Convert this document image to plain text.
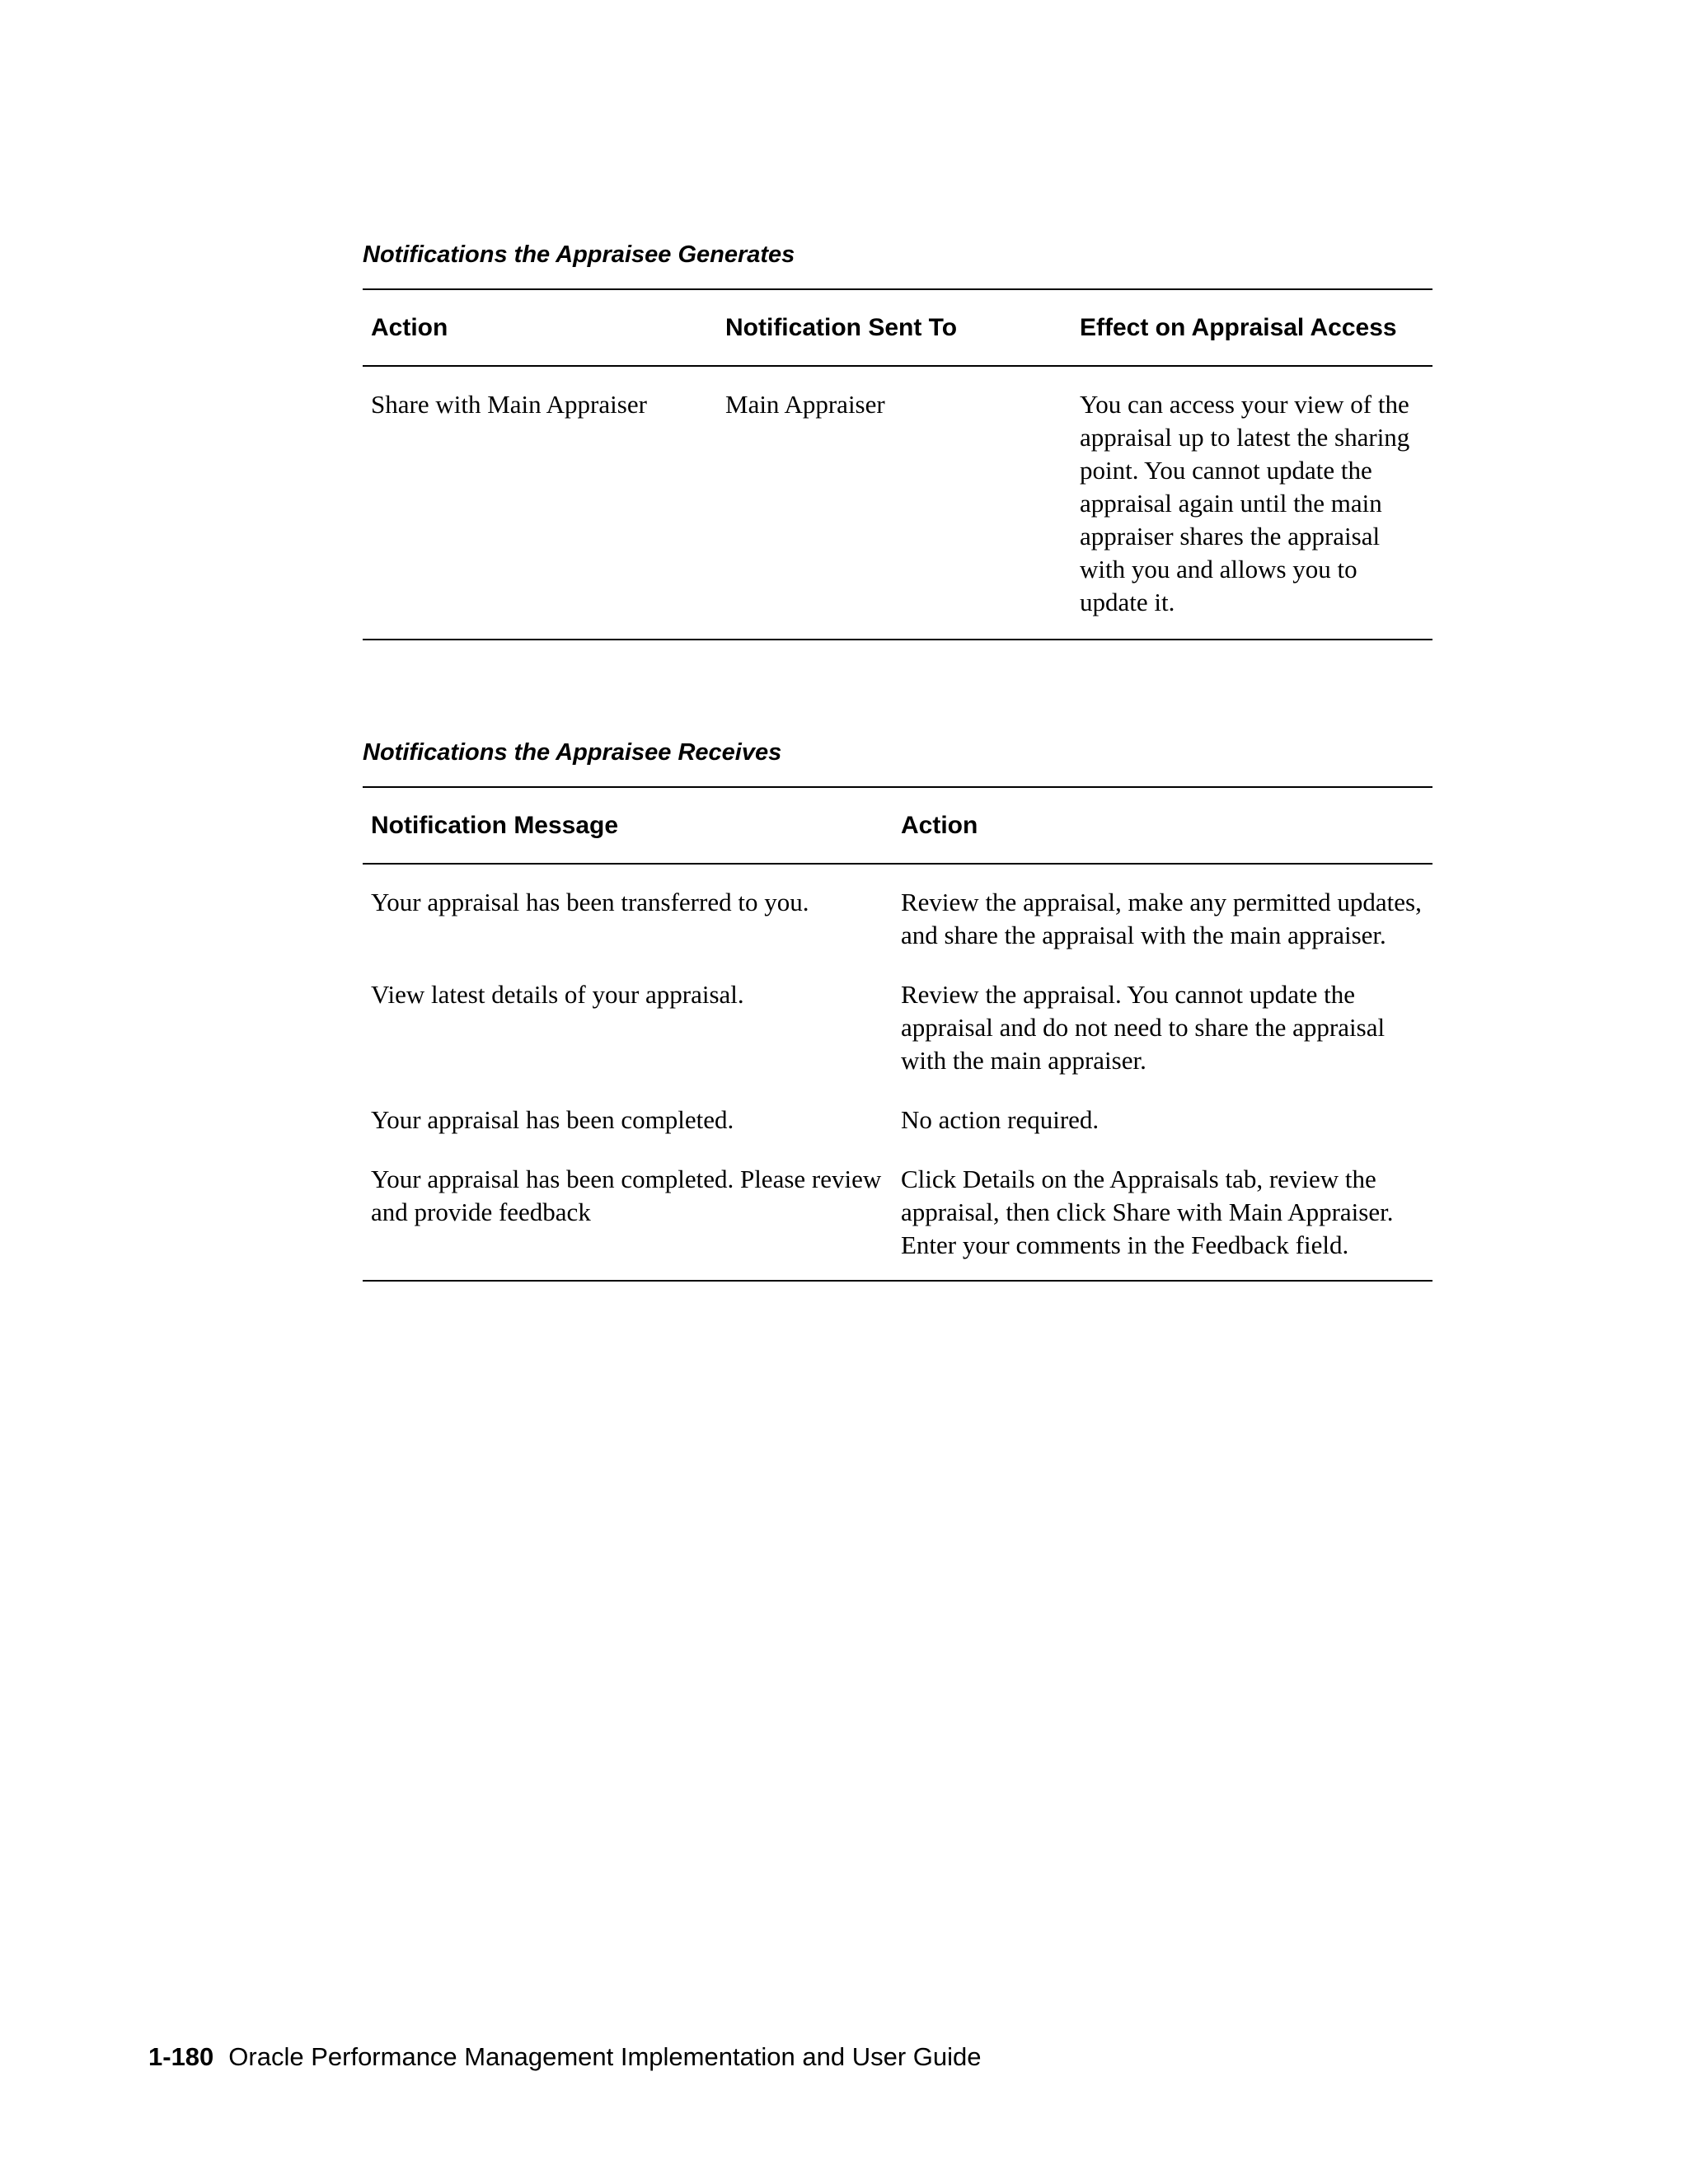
Notifications the Appraisee Generates

Action	Notification Sent To	Effect on Appraisal Access
Share with Main Appraiser	Main Appraiser	You can access your view of the appraisal up to latest the sharing point. You cannot update the appraisal again until the main appraiser shares the appraisal with you and allows you to update it.

Notifications the Appraisee Receives

Notification Message	Action
Your appraisal has been transferred to you.	Review the appraisal, make any permitted updates, and share the appraisal with the main appraiser.
View latest details of your appraisal.	Review the appraisal. You cannot update the appraisal and do not need to share the appraisal with the main appraiser.
Your appraisal has been completed.	No action required.
Your appraisal has been completed. Please review and provide feedback	Click Details on the Appraisals tab, review the appraisal, then click Share with Main Appraiser. Enter your comments in the Feedback field.
1-180 Oracle Performance Management Implementation and User Guide
